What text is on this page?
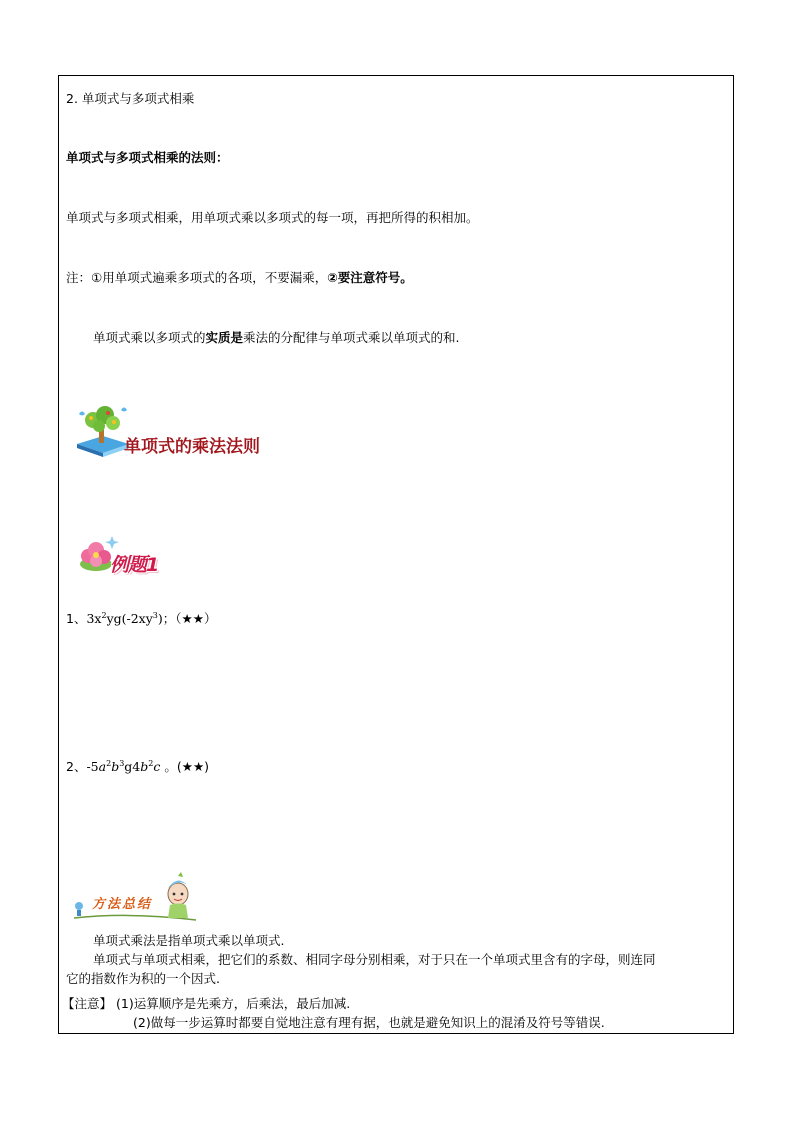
2. 单项式与多项式相乘
单项式与多项式相乘的法则：
单项式与多项式相乘，用单项式乘以多项式的每一项，再把所得的积相加。
注：①用单项式遍乘多项式的各项，不要漏乘，②要注意符号。
单项式乘以多项式的实质是乘法的分配律与单项式乘以单项式的和.
单项式的乘法法则
例题1
1、$3x^2yg(-2xy^3)$；（★★）
2、$-5a^2b^3g4b^2c$ 。(★★)
方法总结
单项式乘法是指单项式乘以单项式.
单项式与单项式相乘，把它们的系数、相同字母分别相乘，对于只在一个单项式里含有的字母，则连同
它的指数作为积的一个因式.
【注意】 (1)运算顺序是先乘方，后乘法，最后加减.
(2)做每一步运算时都要自觉地注意有理有据，也就是避免知识上的混淆及符号等错误.
